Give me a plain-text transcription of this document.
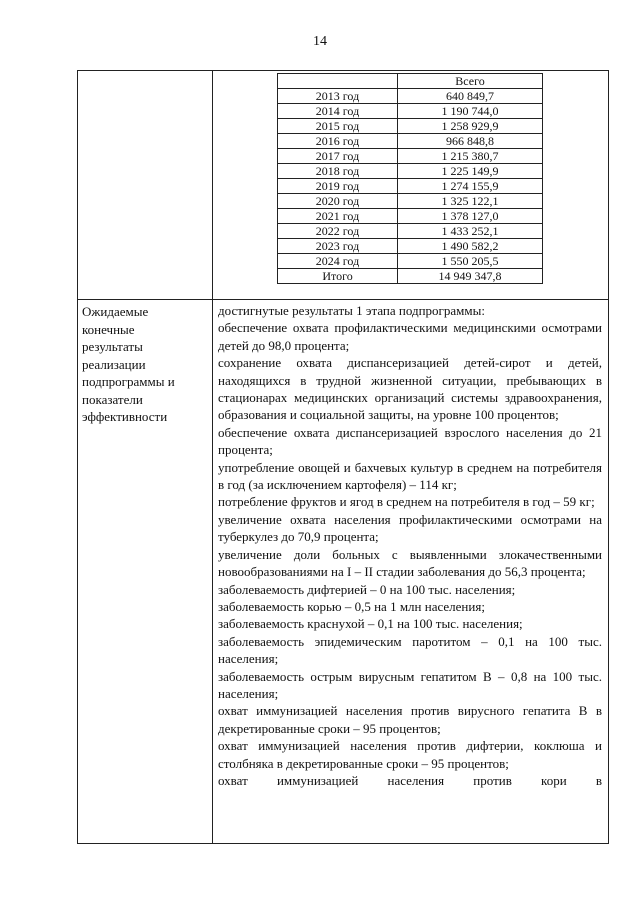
14
	Всего
2013 год	640 849,7
2014 год	1 190 744,0
2015 год	1 258 929,9
2016 год	966 848,8
2017 год	1 215 380,7
2018 год	1 225 149,9
2019 год	1 274 155,9
2020 год	1 325 122,1
2021 год	1 378 127,0
2022 год	1 433 252,1
2023 год	1 490 582,2
2024 год	1 550 205,5
Итого	14 949 347,8
Ожидаемые
конечные
результаты
реализации
подпрограммы и
показатели
эффективности

достигнутые результаты 1 этапа подпрограммы:

обеспечение охвата профилактическими медицинскими осмотрами детей до 98,0 процента;

сохранение охвата диспансеризацией детей-сирот и детей, находящихся в трудной жизненной ситуации, пребывающих в стационарах медицинских организаций системы здравоохранения, образования и социальной защиты, на уровне 100 процентов;

обеспечение охвата диспансеризацией взрослого населения до 21 процента;

употребление овощей и бахчевых культур в среднем на потребителя в год (за исключением картофеля) – 114 кг;

потребление фруктов и ягод в среднем на потребителя в год – 59 кг;

увеличение охвата населения профилактическими осмотрами на туберкулез до 70,9 процента;

увеличение доли больных с выявленными злокачественными новообразованиями на I – II стадии заболевания до 56,3 процента;

заболеваемость дифтерией – 0 на 100 тыс. населения;

заболеваемость корью – 0,5 на 1 млн населения;

заболеваемость краснухой – 0,1 на 100 тыс. населения;

заболеваемость эпидемическим паротитом – 0,1 на 100 тыс. населения;

заболеваемость острым вирусным гепатитом В – 0,8 на 100 тыс. населения;

охват иммунизацией населения против вирусного гепатита В в декретированные сроки – 95 процентов;

охват иммунизацией населения против дифтерии, коклюша и столбняка в декретированные сроки – 95 процентов;

охват иммунизацией населения против кори в
